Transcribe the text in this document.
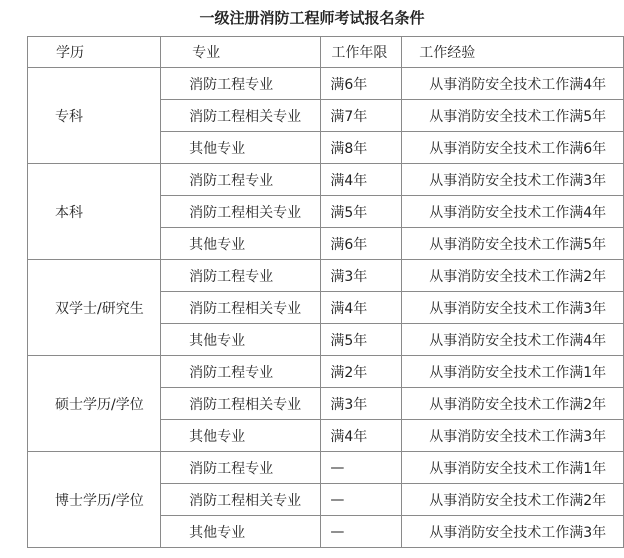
一级注册消防工程师考试报名条件
学历	专业	工作年限	工作经验
专科	消防工程专业	满6年	从事消防安全技术工作满4年
	消防工程相关专业	满7年	从事消防安全技术工作满5年
	其他专业	满8年	从事消防安全技术工作满6年
本科	消防工程专业	满4年	从事消防安全技术工作满3年
	消防工程相关专业	满5年	从事消防安全技术工作满4年
	其他专业	满6年	从事消防安全技术工作满5年
双学士/研究生	消防工程专业	满3年	从事消防安全技术工作满2年
	消防工程相关专业	满4年	从事消防安全技术工作满3年
	其他专业	满5年	从事消防安全技术工作满4年
硕士学历/学位	消防工程专业	满2年	从事消防安全技术工作满1年
	消防工程相关专业	满3年	从事消防安全技术工作满2年
	其他专业	满4年	从事消防安全技术工作满3年
博士学历/学位	消防工程专业	—	从事消防安全技术工作满1年
	消防工程相关专业	—	从事消防安全技术工作满2年
	其他专业	—	从事消防安全技术工作满3年
